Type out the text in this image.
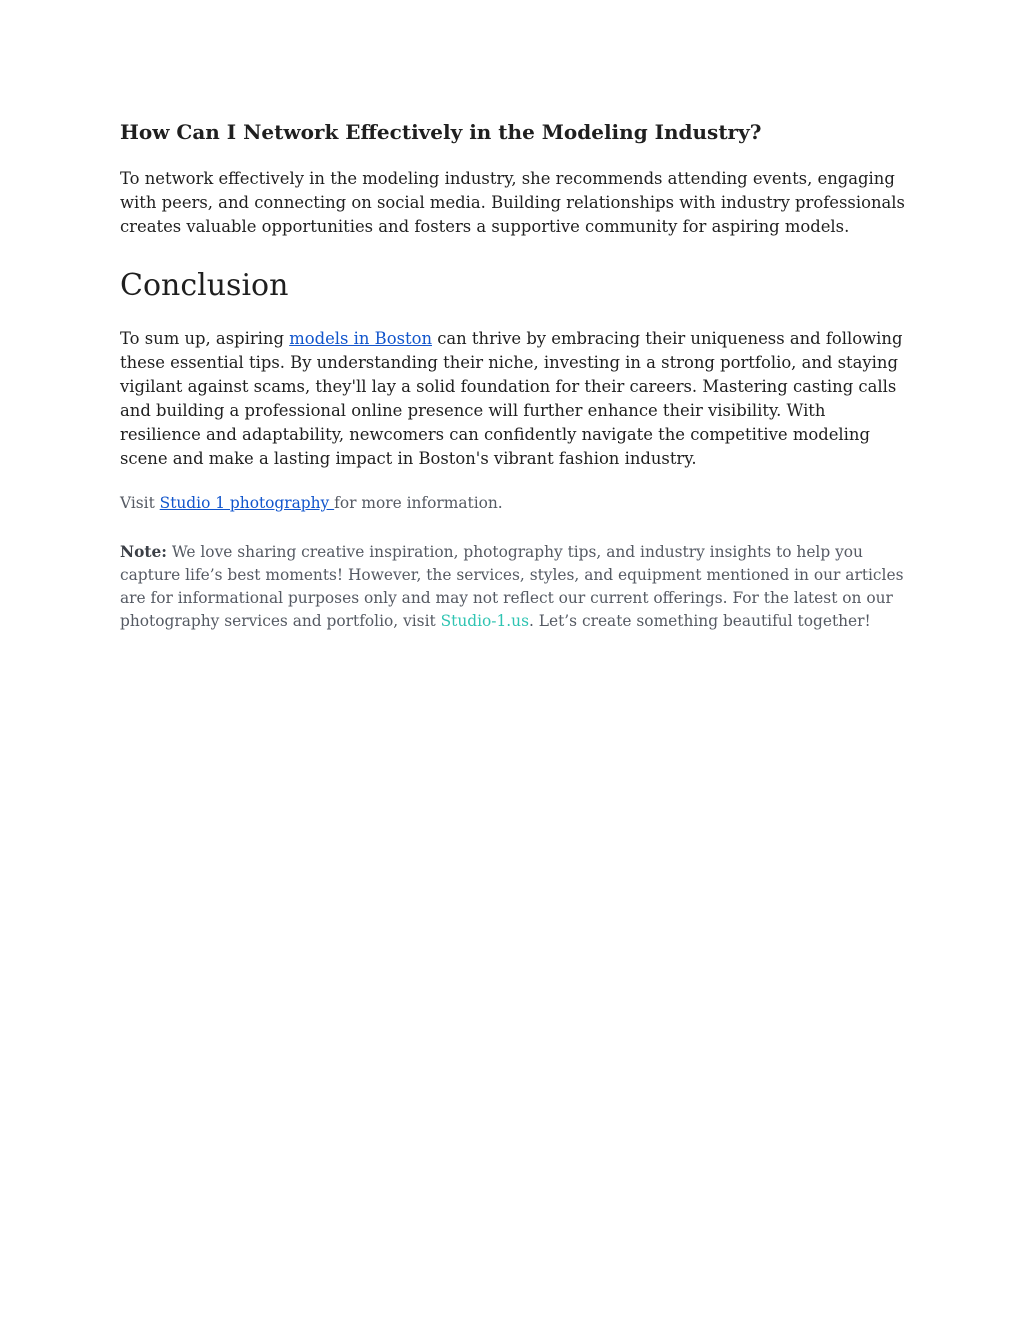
How Can I Network Effectively in the Modeling Industry?

To network effectively in the modeling industry, she recommends attending events, engaging with peers, and connecting on social media. Building relationships with industry professionals creates valuable opportunities and fosters a supportive community for aspiring models.

Conclusion

To sum up, aspiring models in Boston can thrive by embracing their uniqueness and following these essential tips. By understanding their niche, investing in a strong portfolio, and staying vigilant against scams, they'll lay a solid foundation for their careers. Mastering casting calls and building a professional online presence will further enhance their visibility. With resilience and adaptability, newcomers can confidently navigate the competitive modeling scene and make a lasting impact in Boston's vibrant fashion industry.

Visit Studio 1 photography for more information.

Note: We love sharing creative inspiration, photography tips, and industry insights to help you capture life’s best moments! However, the services, styles, and equipment mentioned in our articles are for informational purposes only and may not reflect our current offerings. For the latest on our photography services and portfolio, visit Studio-1.us. Let’s create something beautiful together!
